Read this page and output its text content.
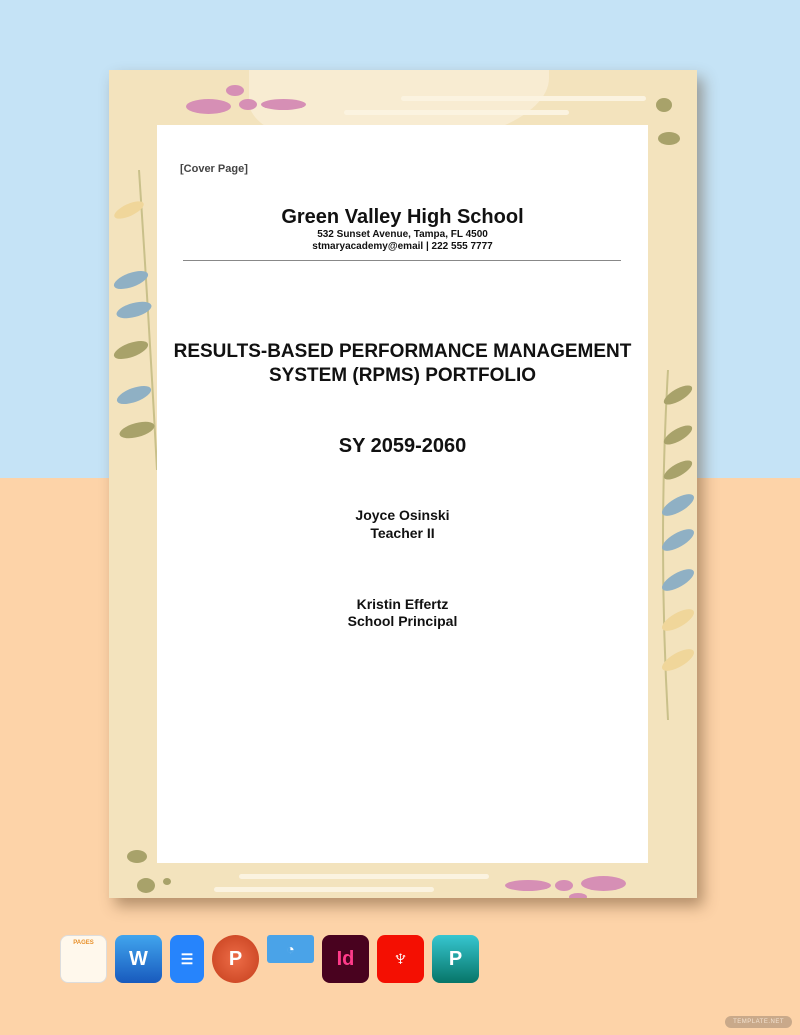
[Cover Page]
Green Valley High School
532 Sunset Avenue, Tampa, FL 4500
stmaryacademy@email | 222 555 7777
RESULTS-BASED PERFORMANCE MANAGEMENT
SYSTEM (RPMS) PORTFOLIO
SY 2059-2060
Joyce Osinski
Teacher II
Kristin Effertz
School Principal
PAGES
W	☰	P	◔	Id	♆	P
TEMPLATE.NET
